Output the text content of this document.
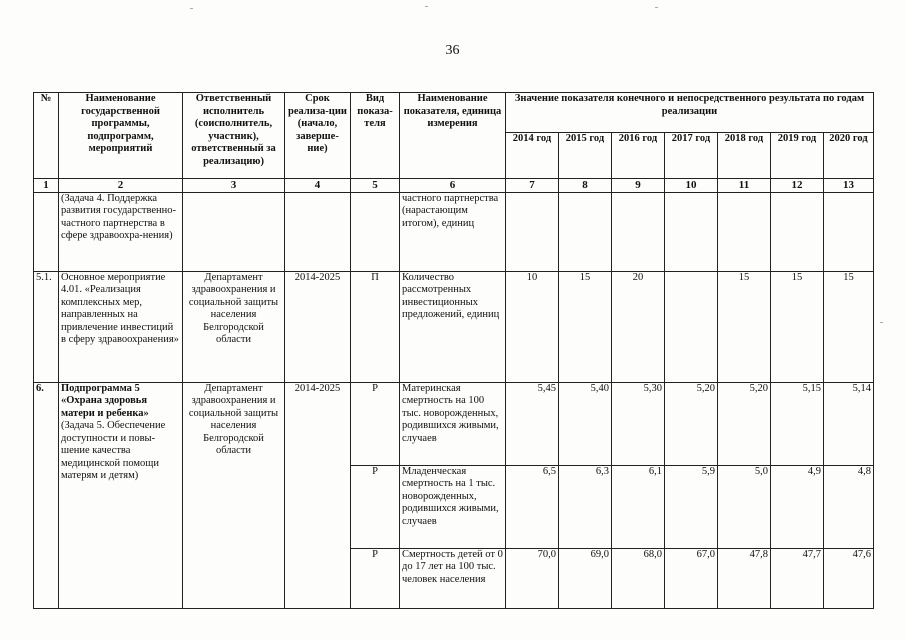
36
№	Наименование государственной программы, подпрограмм, мероприятий	Ответственный исполнитель (соисполнитель, участник), ответственный за реализацию)	Срок реализа-ции (начало, заверше-ние)	Вид показа-теля	Наименование показателя, единица измерения	Значение показателя конечного и непосредственного результата по годам реализации						
						2014 год	2015 год	2016 год	2017 год	2018 год	2019 год	2020 год
1	2	3	4	5	6	7	8	9	10	11	12	13
	(Задача 4. Поддержка развития государственно-частного партнерства в сфере здравоохра-нения)				частного партнерства (нарастающим итогом), единиц							
5.1.	Основное мероприятие 4.01. «Реализация комплексных мер, направленных на привлечение инвестиций в сферу здравоохранения»	Департамент здравоохранения и социальной защиты населения Белгородской области	2014-2025	П	Количество рассмотренных инвестиционных предложений, единиц	10	15	20		15	15	15
6.	Подпрограмма 5 «Охрана здоровья матери и ребенка» (Задача 5. Обеспечение доступности и повы-шение качества медицинской помощи матерям и детям)	Департамент здравоохранения и социальной защиты населения Белгородской области	2014-2025	Р	Материнская смертность на 100 тыс. новорожденных, родившихся живыми, случаев	5,45	5,40	5,30	5,20	5,20	5,15	5,14
				Р	Младенческая смертность на 1 тыс. новорожденных, родившихся живыми, случаев	6,5	6,3	6,1	5,9	5,0	4,9	4,8
				Р	Смертность детей от 0 до 17 лет на 100 тыс. человек населения	70,0	69,0	68,0	67,0	47,8	47,7	47,6
